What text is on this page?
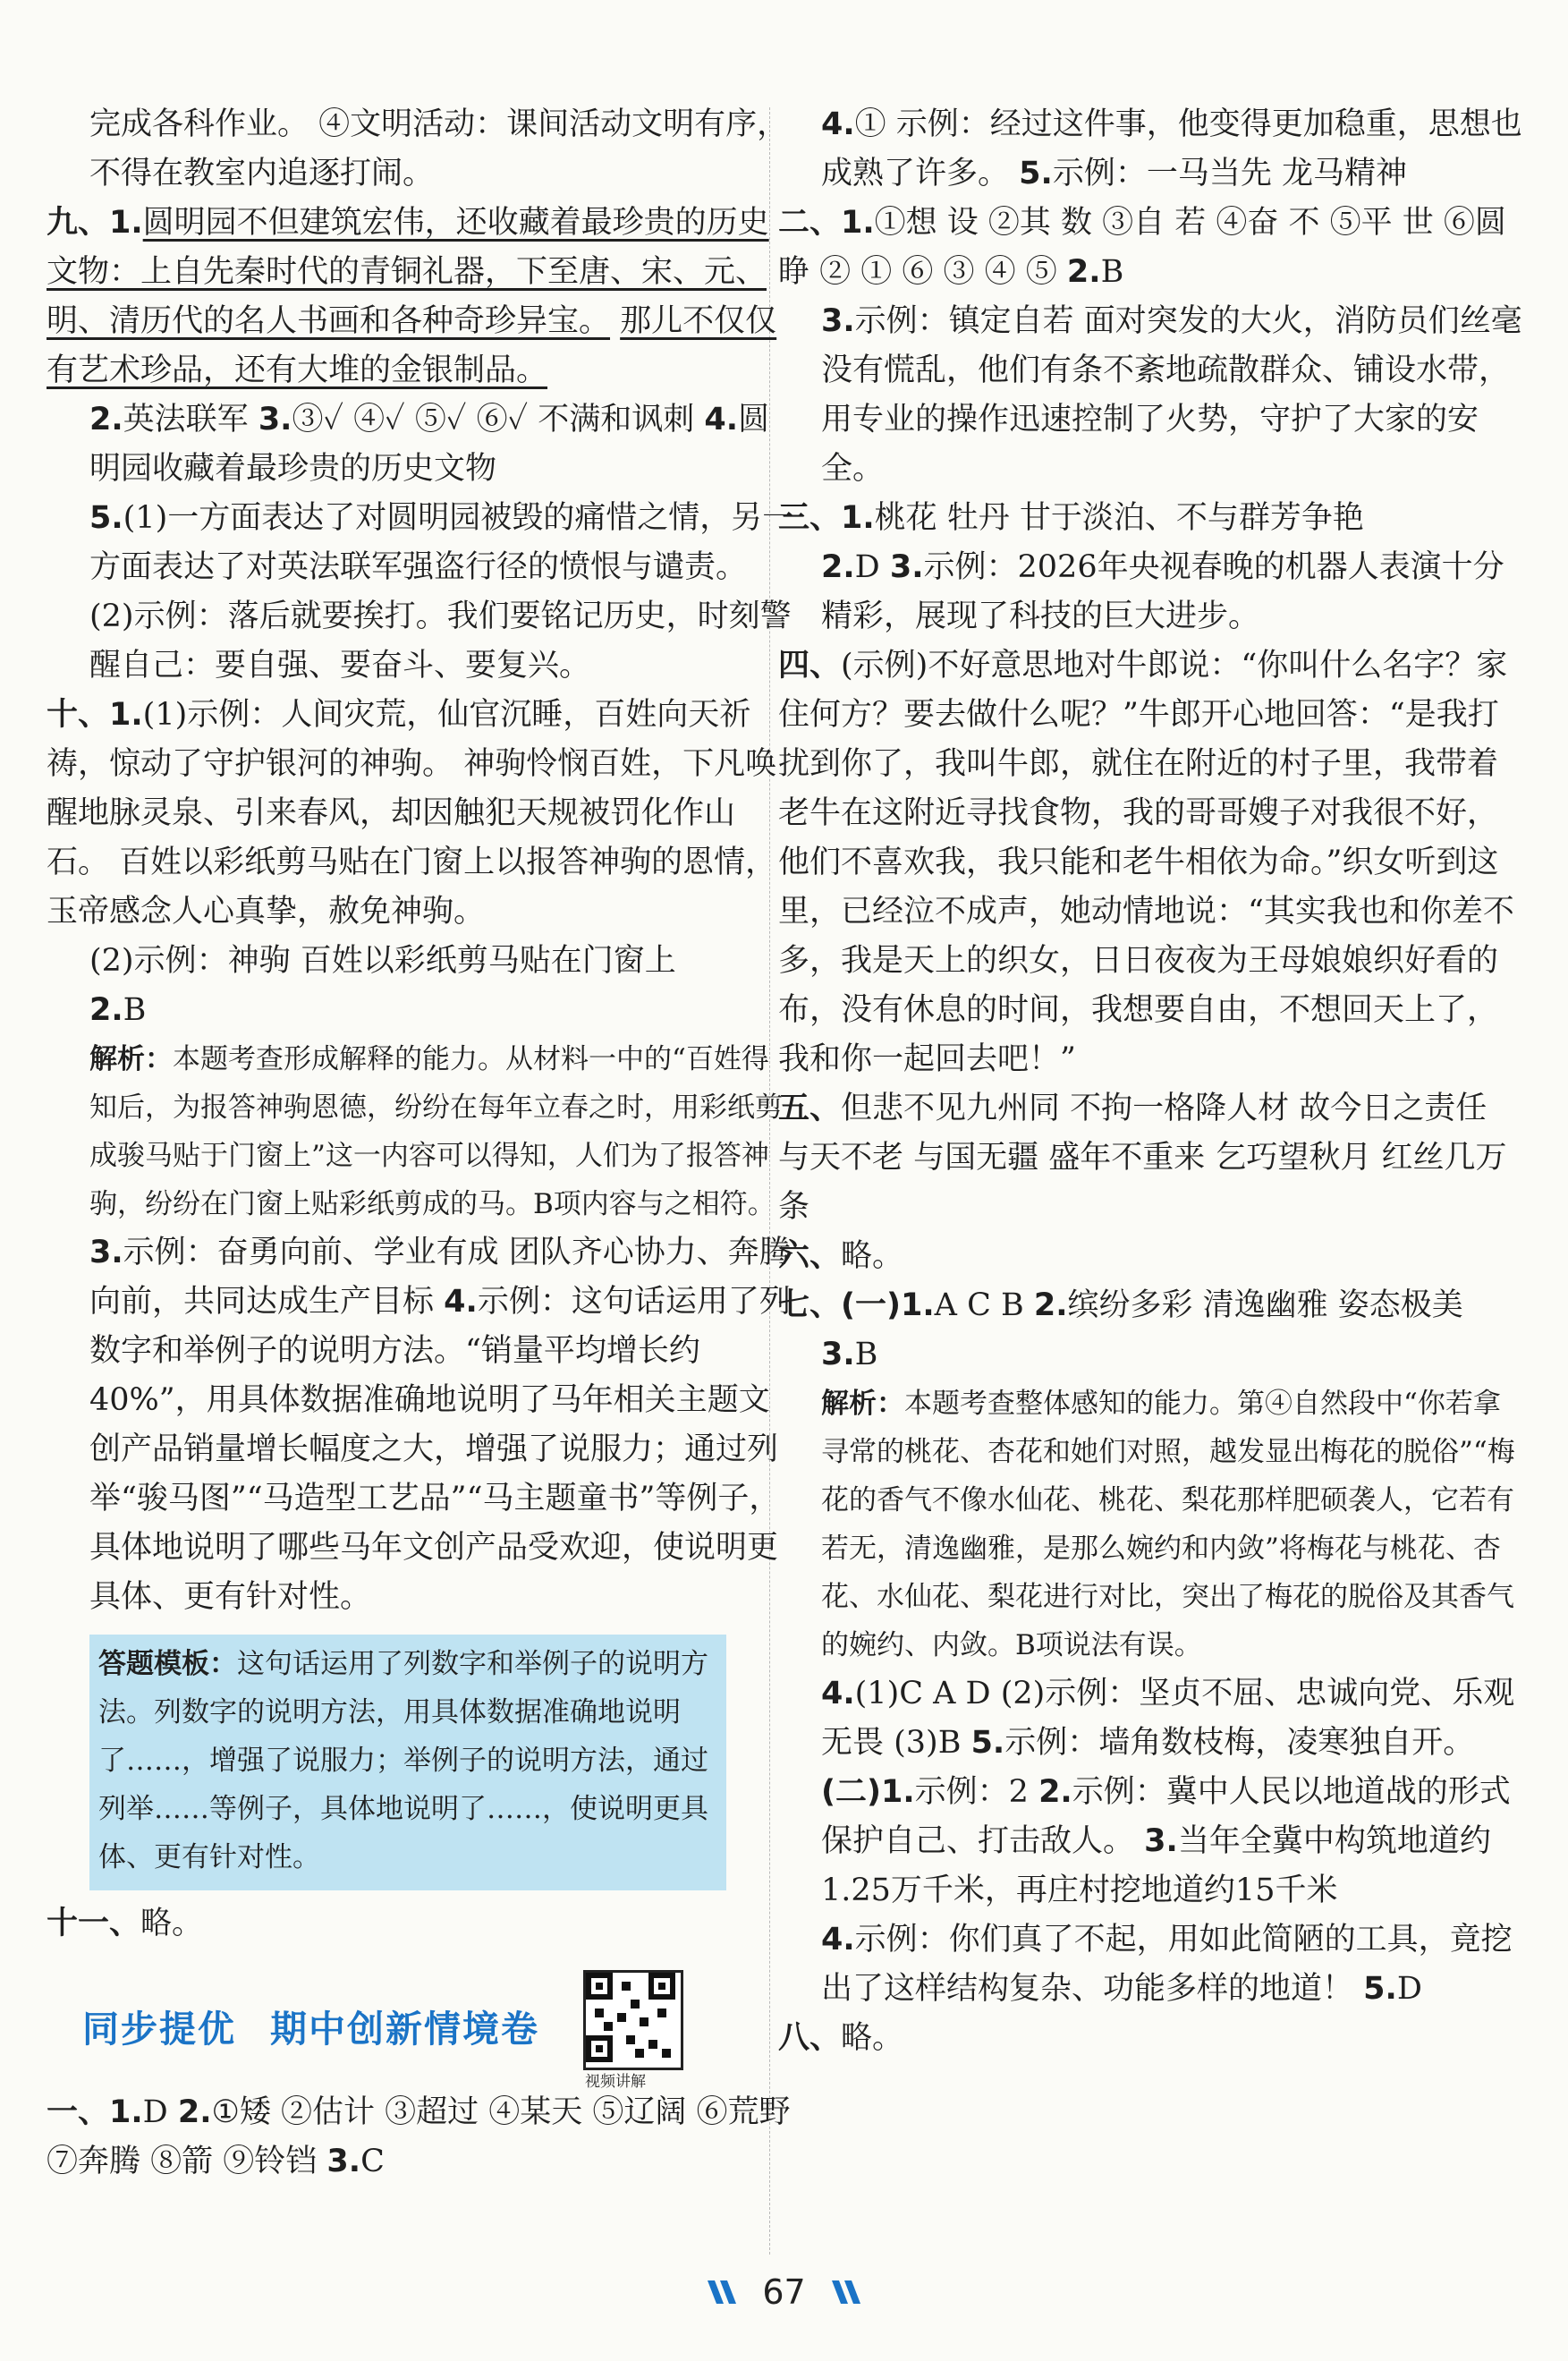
完成各科作业。 ④文明活动：课间活动文明有序，不得在教室内追逐打闹。

九、1.圆明园不但建筑宏伟，还收藏着最珍贵的历史文物：上自先秦时代的青铜礼器，下至唐、宋、元、明、清历代的名人书画和各种奇珍异宝。 那儿不仅仅有艺术珍品，还有大堆的金银制品。

2.英法联军 3.③✓ ④✓ ⑤✓ ⑥✓ 不满和讽刺 4.圆明园收藏着最珍贵的历史文物

5.(1)一方面表达了对圆明园被毁的痛惜之情，另一方面表达了对英法联军强盗行径的愤恨与谴责。 (2)示例：落后就要挨打。我们要铭记历史，时刻警醒自己：要自强、要奋斗、要复兴。

十、1.(1)示例：人间灾荒，仙官沉睡，百姓向天祈祷，惊动了守护银河的神驹。 神驹怜悯百姓，下凡唤醒地脉灵泉、引来春风，却因触犯天规被罚化作山石。 百姓以彩纸剪马贴在门窗上以报答神驹的恩情，玉帝感念人心真挚，赦免神驹。

(2)示例：神驹 百姓以彩纸剪马贴在门窗上

2.B

解析：本题考查形成解释的能力。从材料一中的“百姓得知后，为报答神驹恩德，纷纷在每年立春之时，用彩纸剪成骏马贴于门窗上”这一内容可以得知，人们为了报答神驹，纷纷在门窗上贴彩纸剪成的马。B项内容与之相符。

3.示例：奋勇向前、学业有成 团队齐心协力、奔腾向前，共同达成生产目标 4.示例：这句话运用了列数字和举例子的说明方法。“销量平均增长约40%”，用具体数据准确地说明了马年相关主题文创产品销量增长幅度之大，增强了说服力；通过列举“骏马图”“马造型工艺品”“马主题童书”等例子，具体地说明了哪些马年文创产品受欢迎，使说明更具体、更有针对性。

答题模板：这句话运用了列数字和举例子的说明方法。列数字的说明方法，用具体数据准确地说明了……，增强了说服力；举例子的说明方法，通过列举……等例子，具体地说明了……，使说明更具体、更有针对性。

十一、略。

同步提优 期中创新情境卷
视频讲解

一、1.D 2.①矮 ②估计 ③超过 ④某天 ⑤辽阔 ⑥荒野 ⑦奔腾 ⑧箭 ⑨铃铛 3.C

4.① 示例：经过这件事，他变得更加稳重，思想也成熟了许多。 5.示例：一马当先 龙马精神

二、1.①想 设 ②其 数 ③自 若 ④奋 不 ⑤平 世 ⑥圆 睁 ② ① ⑥ ③ ④ ⑤ 2.B

3.示例：镇定自若 面对突发的大火，消防员们丝毫没有慌乱，他们有条不紊地疏散群众、铺设水带，用专业的操作迅速控制了火势，守护了大家的安全。

三、1.桃花 牡丹 甘于淡泊、不与群芳争艳

2.D 3.示例：2026年央视春晚的机器人表演十分精彩，展现了科技的巨大进步。

四、(示例)不好意思地对牛郎说：“你叫什么名字？家住何方？要去做什么呢？”牛郎开心地回答：“是我打扰到你了，我叫牛郎，就住在附近的村子里，我带着老牛在这附近寻找食物，我的哥哥嫂子对我很不好，他们不喜欢我，我只能和老牛相依为命。”织女听到这里，已经泣不成声，她动情地说：“其实我也和你差不多，我是天上的织女，日日夜夜为王母娘娘织好看的布，没有休息的时间，我想要自由，不想回天上了，我和你一起回去吧！”

五、但悲不见九州同 不拘一格降人材 故今日之责任 与天不老 与国无疆 盛年不重来 乞巧望秋月 红丝几万条

六、略。

七、(一)1.A C B 2.缤纷多彩 清逸幽雅 姿态极美

3.B

解析：本题考查整体感知的能力。第④自然段中“你若拿寻常的桃花、杏花和她们对照，越发显出梅花的脱俗”“梅花的香气不像水仙花、桃花、梨花那样肥硕袭人，它若有若无，清逸幽雅，是那么婉约和内敛”将梅花与桃花、杏花、水仙花、梨花进行对比，突出了梅花的脱俗及其香气的婉约、内敛。B项说法有误。

4.(1)C A D (2)示例：坚贞不屈、忠诚向党、乐观无畏 (3)B 5.示例：墙角数枝梅，凌寒独自开。

(二)1.示例：2 2.示例：冀中人民以地道战的形式保护自己、打击敌人。 3.当年全冀中构筑地道约1.25万千米，再庄村挖地道约15千米

4.示例：你们真了不起，用如此简陋的工具，竟挖出了这样结构复杂、功能多样的地道！ 5.D

八、略。

67
